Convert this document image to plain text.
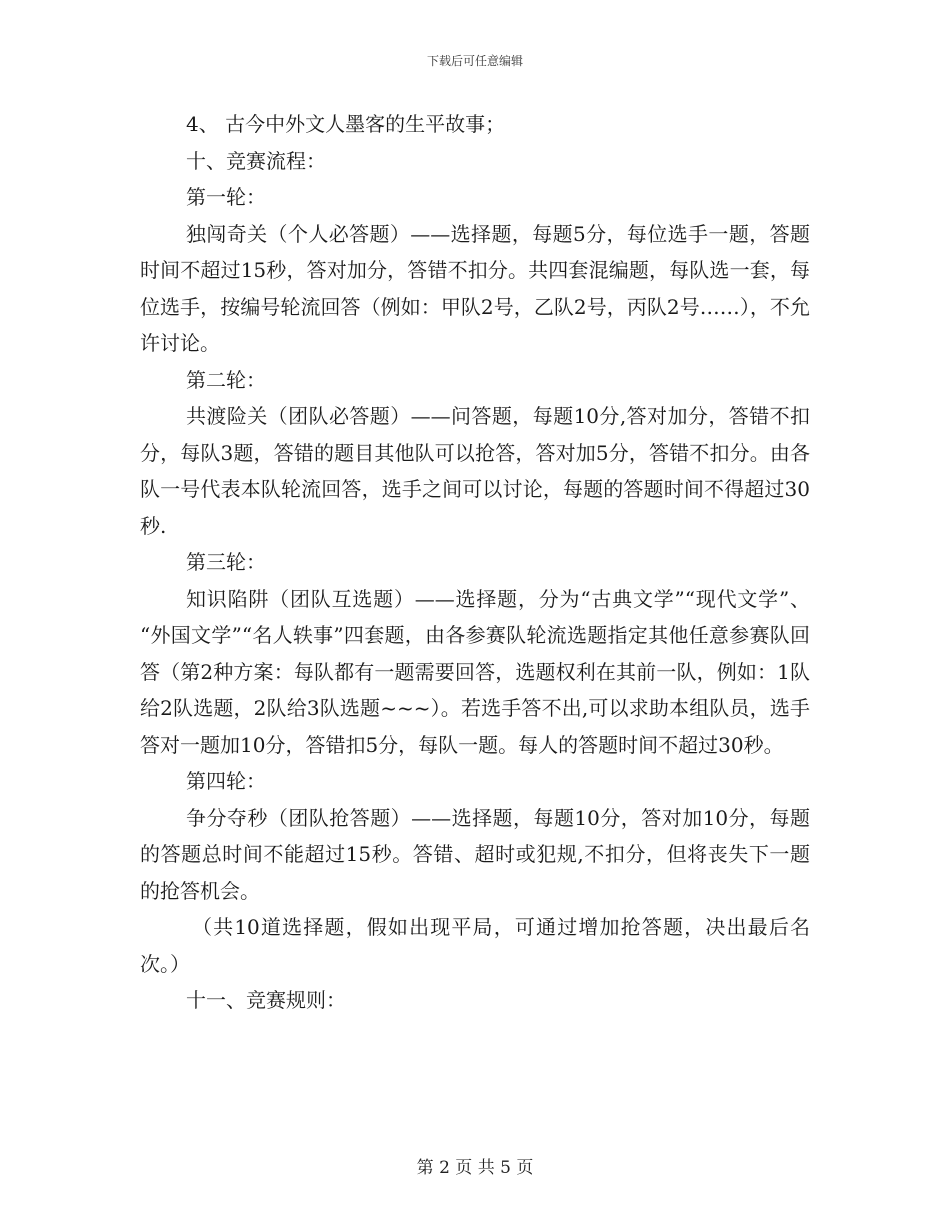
下载后可任意编辑

4、 古今中外文人墨客的生平故事；

十、竞赛流程：

第一轮：

独闯奇关（个人必答题）——选择题，每题5分，每位选手一题，答题时间不超过15秒，答对加分，答错不扣分。共四套混编题，每队选一套，每位选手，按编号轮流回答（例如：甲队2号，乙队2号，丙队2号……），不允许讨论。

第二轮：

共渡险关（团队必答题）——问答题，每题10分,答对加分，答错不扣分，每队3题，答错的题目其他队可以抢答，答对加5分，答错不扣分。由各队一号代表本队轮流回答，选手之间可以讨论，每题的答题时间不得超过30秒.

第三轮：

知识陷阱（团队互选题）——选择题，分为“古典文学”“现代文学”、 “外国文学”“名人轶事”四套题，由各参赛队轮流选题指定其他任意参赛队回答（第2种方案：每队都有一题需要回答，选题权利在其前一队，例如：1队给2队选题，2队给3队选题~~~）。若选手答不出,可以求助本组队员，选手答对一题加10分，答错扣5分，每队一题。每人的答题时间不超过30秒。

第四轮：

争分夺秒（团队抢答题）——选择题，每题10分，答对加10分，每题的答题总时间不能超过15秒。答错、超时或犯规,不扣分，但将丧失下一题的抢答机会。

（共10道选择题，假如出现平局，可通过增加抢答题，决出最后名次。）

十一、竞赛规则：

第 2 页 共 5 页
